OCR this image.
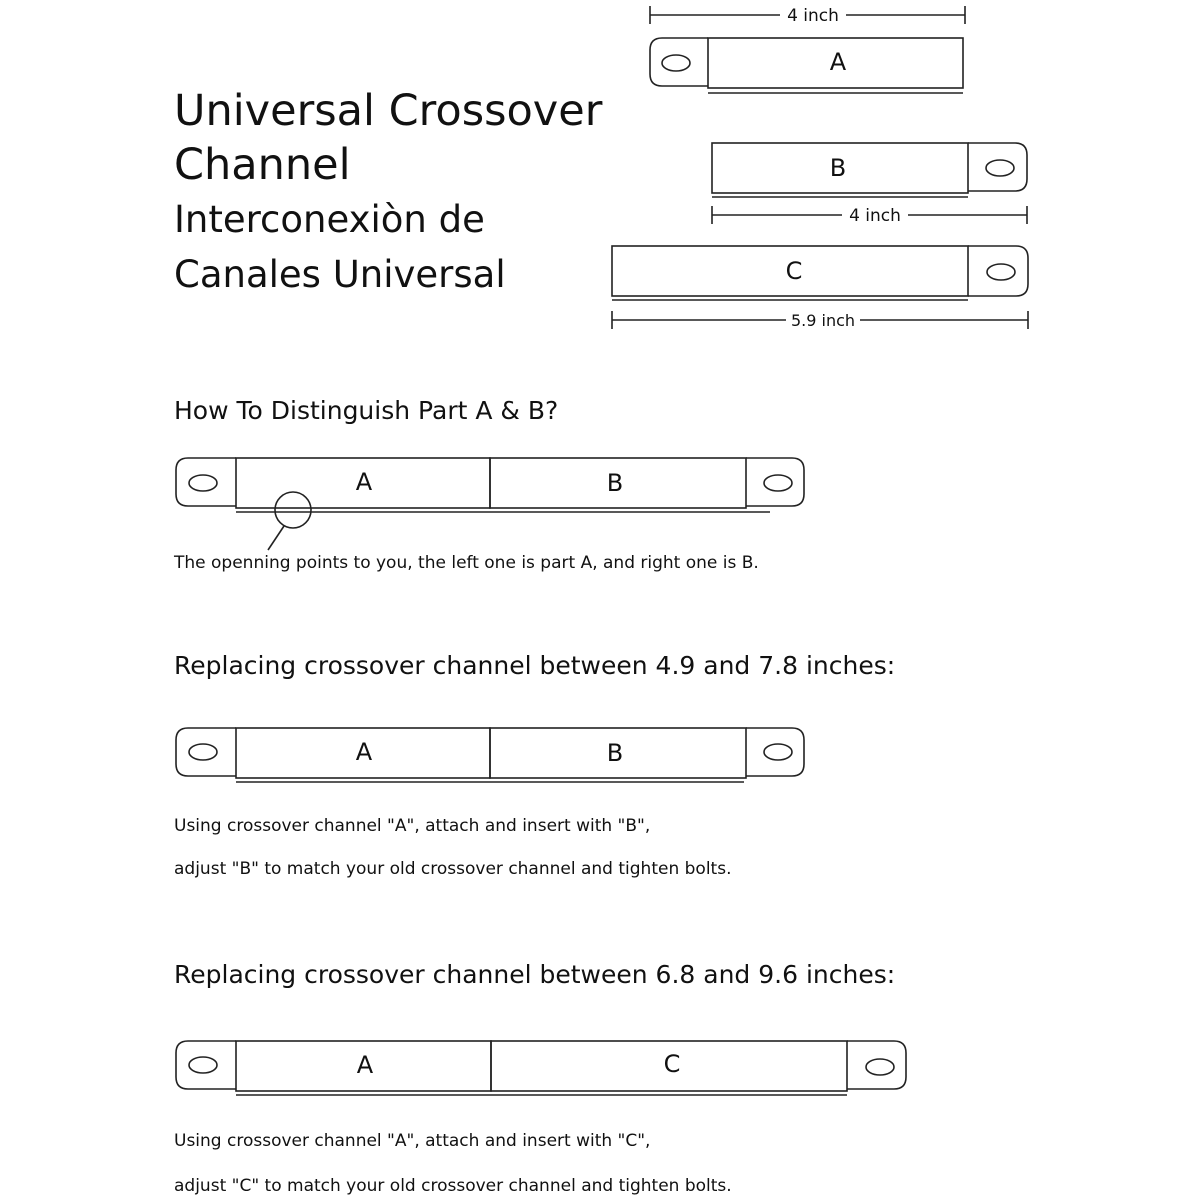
Universal Crossover
Channel
Interconexiòn de
Canales Universal
How To Distinguish Part A & B?
The openning points to you, the left one is part A, and right one is B.
Replacing crossover channel between 4.9 and 7.8 inches:
Using crossover channel "A", attach and insert with "B",
adjust "B" to match your old crossover channel and tighten bolts.
Replacing crossover channel between 6.8 and 9.6 inches:
Using crossover channel "A", attach and insert with "C",
adjust "C" to match your old crossover channel and tighten bolts.
4 inch
4 inch
5.9 inch
A
B
C
A	B
A	B
A	C
